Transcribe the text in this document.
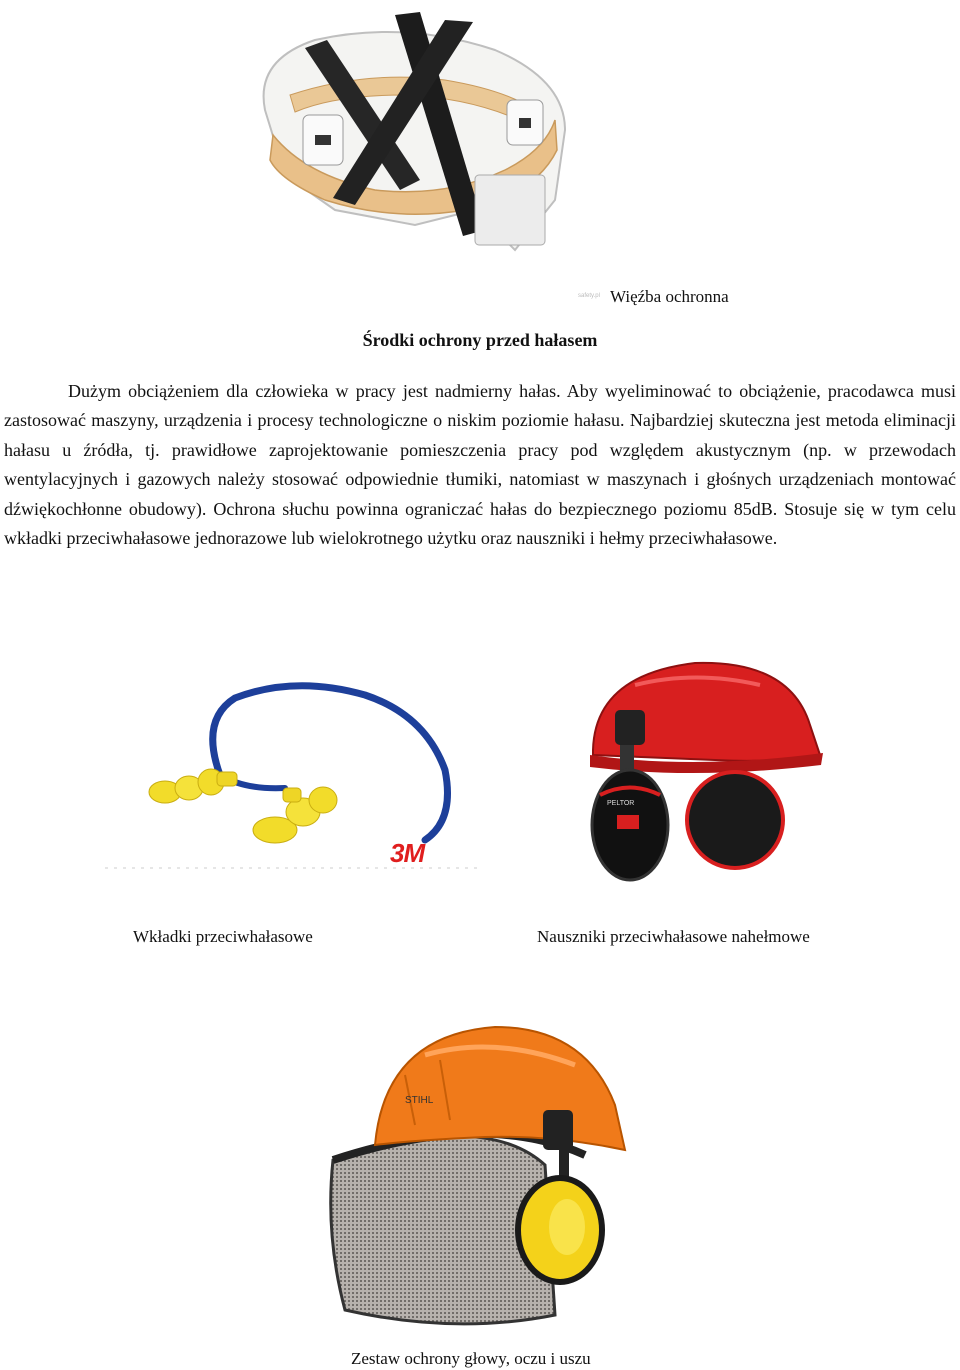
safety.pl Więźba ochronna
Środki ochrony przed hałasem
Dużym obciążeniem dla człowieka w pracy jest nadmierny hałas. Aby wyeliminować to obciążenie, pracodawca musi zastosować maszyny, urządzenia i procesy technologiczne o niskim poziomie hałasu. Najbardziej skuteczna jest metoda eliminacji hałasu u źródła, tj. prawidłowe zaprojektowanie pomieszczenia pracy pod względem akustycznym (np. w przewodach wentylacyjnych i gazowych należy stosować odpowiednie tłumiki, natomiast w maszynach i głośnych urządzeniach montować dźwiękochłonne obudowy). Ochrona słuchu powinna ograniczać hałas do bezpiecznego poziomu 85dB. Stosuje się w tym celu wkładki przeciwhałasowe jednorazowe lub wielokrotnego użytku oraz nauszniki i hełmy przeciwhałasowe.
3M
PELTOR
Wkładki przeciwhałasowe	Nauszniki przeciwhałasowe nahełmowe
STIHL
Zestaw ochrony głowy, oczu i uszu
